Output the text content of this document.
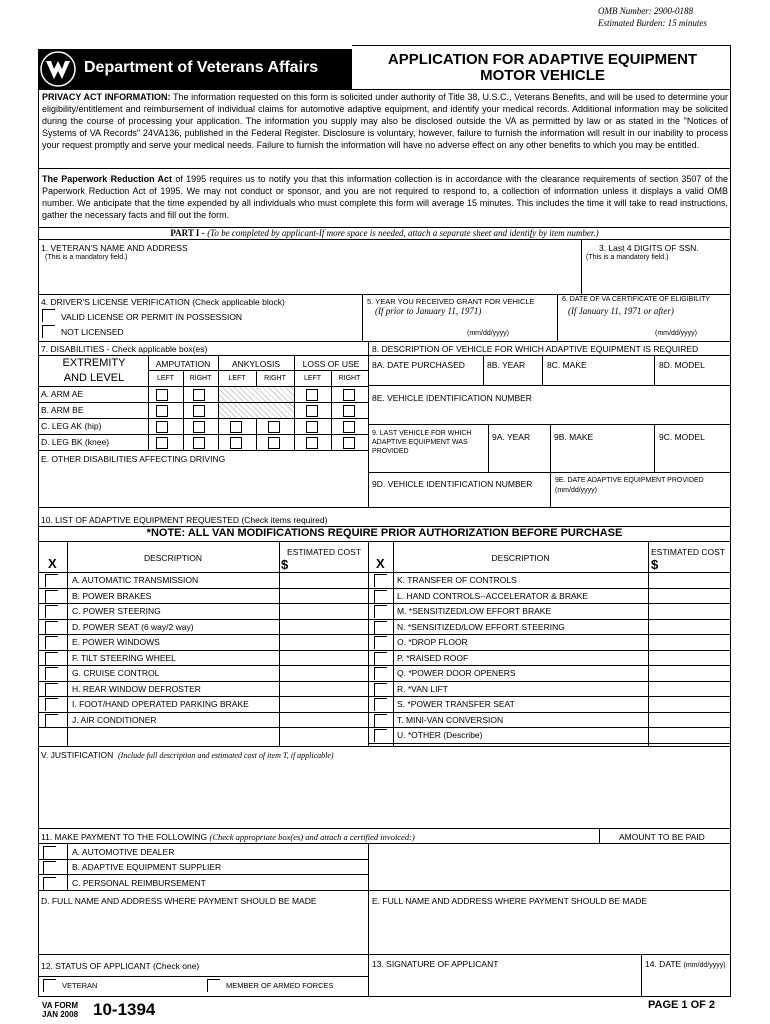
OMB Number: 2900-0188
Estimated Burden: 15 minutes
Department of Veterans Affairs	APPLICATION FOR ADAPTIVE EQUIPMENT
MOTOR VEHICLE

PRIVACY ACT INFORMATION: The information requested on this form is solicited under authority of Title 38, U.S.C., Veterans Benefits, and will be used to determine your eligibility/entitlement and reimbursement of individual claims for automotive adaptive equipment, and identify your medical records. Additional information may be solicited during the course of processing your application. The information you supply may also be disclosed outside the VA as permitted by law or as stated in the "Notices of Systems of VA Records" 24VA136, published in the Federal Register. Disclosure is voluntary, however, failure to furnish the information will result in our inability to process your request promptly and serve your medical needs. Failure to furnish the information will have no adverse effect on any other benefits to which you may be entitled.

The Paperwork Reduction Act of 1995 requires us to notify you that this information collection is in accordance with the clearance requirements of section 3507 of the Paperwork Reduction Act of 1995. We may not conduct or sponsor, and you are not required to respond to, a collection of information unless it displays a valid OMB number. We anticipate that the time expended by all individuals who must complete this form will average 15 minutes. This includes the time it will take to read instructions, gather the necessary facts and fill out the form.

PART I - (To be completed by applicant-If more space is needed, attach a separate sheet and identify by item number.)
1. VETERAN'S NAME AND ADDRESS
(This is a mandatory field.)
3. Last 4 DIGITS OF SSN.
(This is a mandatory field.)
4. DRIVER'S LICENSE VERIFICATION (Check applicable block)
VALID LICENSE OR PERMIT IN POSSESSION
NOT LICENSED
5. YEAR YOU RECEIVED GRANT FOR VEHICLE
(If prior to January 11, 1971)
(mm/dd/yyyy)
6. DATE OF VA CERTIFICATE OF ELIGIBILITY
(If January 11, 1971 or after)
(mm/dd/yyyy)
7. DISABILITIES - Check applicable box(es)	8. DESCRIPTION OF VEHICLE FOR WHICH ADAPTIVE EQUIPMENT IS REQUIRED
EXTREMITY
AND LEVEL
AMPUTATION	ANKYLOSIS	LOSS OF USE
LEFT	RIGHT	LEFT	RIGHT	LEFT	RIGHT
A. ARM AE
B. ARM BE
C. LEG AK (hip)
D. LEG BK (knee)
E. OTHER DISABILITIES AFFECTING DRIVING
8A. DATE PURCHASED	8B. YEAR	8C. MAKE	8D. MODEL
8E. VEHICLE IDENTIFICATION NUMBER
9. LAST VEHICLE FOR WHICH
ADAPTIVE EQUIPMENT WAS
PROVIDED
9A. YEAR	9B. MAKE	9C. MODEL
9D. VEHICLE IDENTIFICATION NUMBER	9E. DATE ADAPTIVE EQUIPMENT PROVIDED
(mm/dd/yyyy)
10. LIST OF ADAPTIVE EQUIPMENT REQUESTED (Check items required)
*NOTE: ALL VAN MODIFICATIONS REQUIRE PRIOR AUTHORIZATION BEFORE PURCHASE
X	DESCRIPTION
ESTIMATED COST
$	X	DESCRIPTION
ESTIMATED COST
$
A. AUTOMATIC TRANSMISSION	K. TRANSFER OF CONTROLS
B. POWER BRAKES	L. HAND CONTROLS--ACCELERATOR & BRAKE
C. POWER STEERING	M. *SENSITIZED/LOW EFFORT BRAKE
D. POWER SEAT (6 way/2 way)	N. *SENSITIZED/LOW EFFORT STEERING
E. POWER WINDOWS	O. *DROP FLOOR
F. TILT STEERING WHEEL	P. *RAISED ROOF
G. CRUISE CONTROL	Q. *POWER DOOR OPENERS
H. REAR WINDOW DEFROSTER	R. *VAN LIFT
I. FOOT/HAND OPERATED PARKING BRAKE	S. *POWER TRANSFER SEAT
J. AIR CONDITIONER	T. MINI-VAN CONVERSION
U. *OTHER (Describe)
V. JUSTIFICATION (Include full description and estimated cost of item T, if applicable)
11. MAKE PAYMENT TO THE FOLLOWING (Check appropriate box(es) and attach a certified invoiced:)	AMOUNT TO BE PAID
A. AUTOMOTIVE DEALER
B. ADAPTIVE EQUIPMENT SUPPLIER
C. PERSONAL REIMBURSEMENT
D. FULL NAME AND ADDRESS WHERE PAYMENT SHOULD BE MADE	E. FULL NAME AND ADDRESS WHERE PAYMENT SHOULD BE MADE
12. STATUS OF APPLICANT (Check one)	13. SIGNATURE OF APPLICANT	14. DATE (mm/dd/yyyy)
VETERAN	MEMBER OF ARMED FORCES
VA FORM
JAN 2008 10-1394	PAGE 1 OF 2
